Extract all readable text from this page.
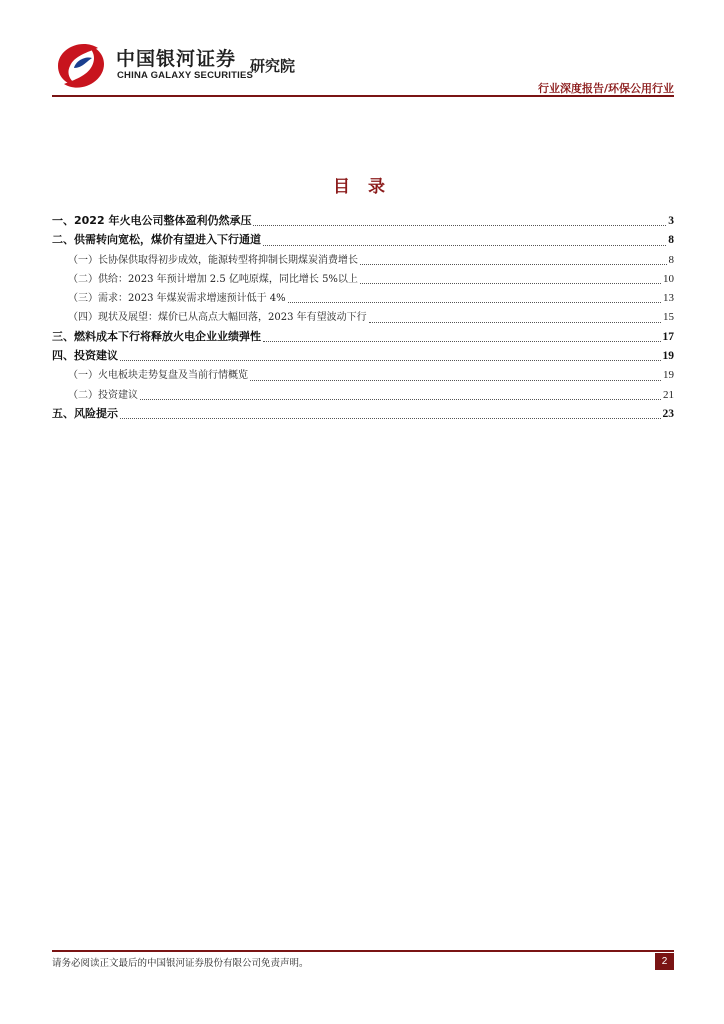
中国银河证券
CHINA GALAXY SECURITIES
研究院
行业深度报告/环保公用行业
目 录
一、2022 年火电公司整体盈利仍然承压	3
二、供需转向宽松，煤价有望进入下行通道	8
（一）长协保供取得初步成效，能源转型将抑制长期煤炭消费增长	8
（二）供给：2023 年预计增加 2.5 亿吨原煤，同比增长 5%以上	10
（三）需求：2023 年煤炭需求增速预计低于 4%	13
（四）现状及展望：煤价已从高点大幅回落，2023 年有望波动下行	15
三、燃料成本下行将释放火电企业业绩弹性	17
四、投资建议	19
（一）火电板块走势复盘及当前行情概览	19
（二）投资建议	21
五、风险提示	23
请务必阅读正文最后的中国银河证券股份有限公司免责声明。	2
